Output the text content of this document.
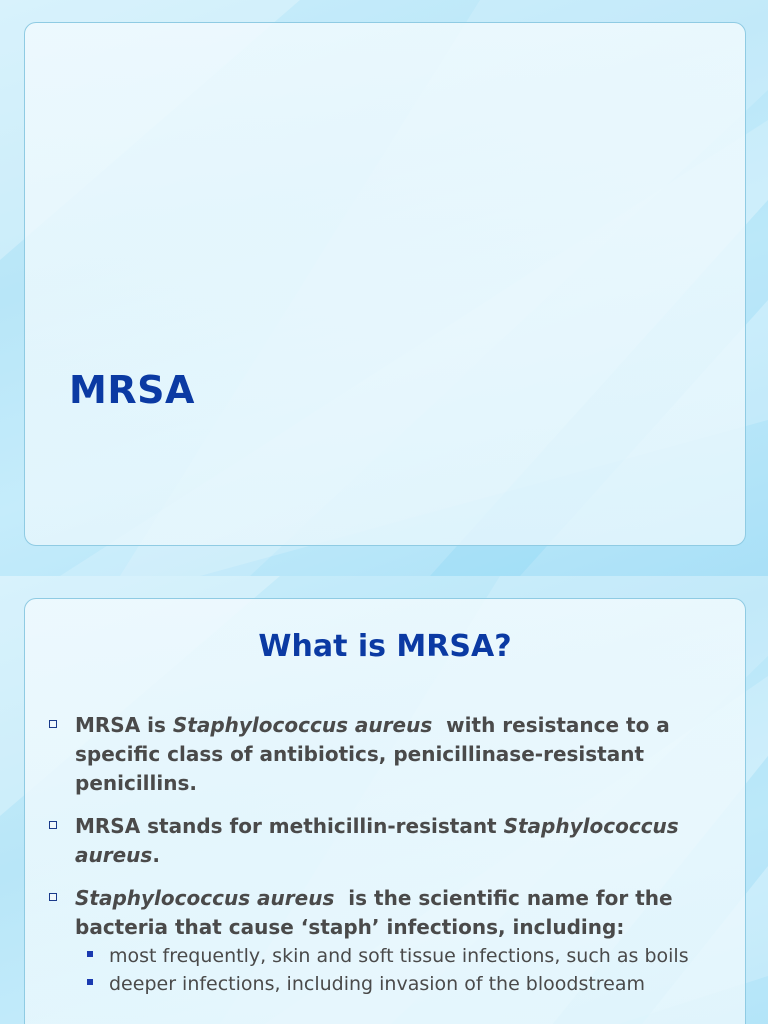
MRSA
What is MRSA?
MRSA is Staphylococcus aureus  with resistance to a specific class of antibiotics, penicillinase-resistant penicillins.
MRSA stands for methicillin-resistant Staphylococcus aureus.
Staphylococcus aureus  is the scientific name for the bacteria that cause ‘staph’ infections, including:
most frequently, skin and soft tissue infections, such as boils
deeper infections, including invasion of the bloodstream
